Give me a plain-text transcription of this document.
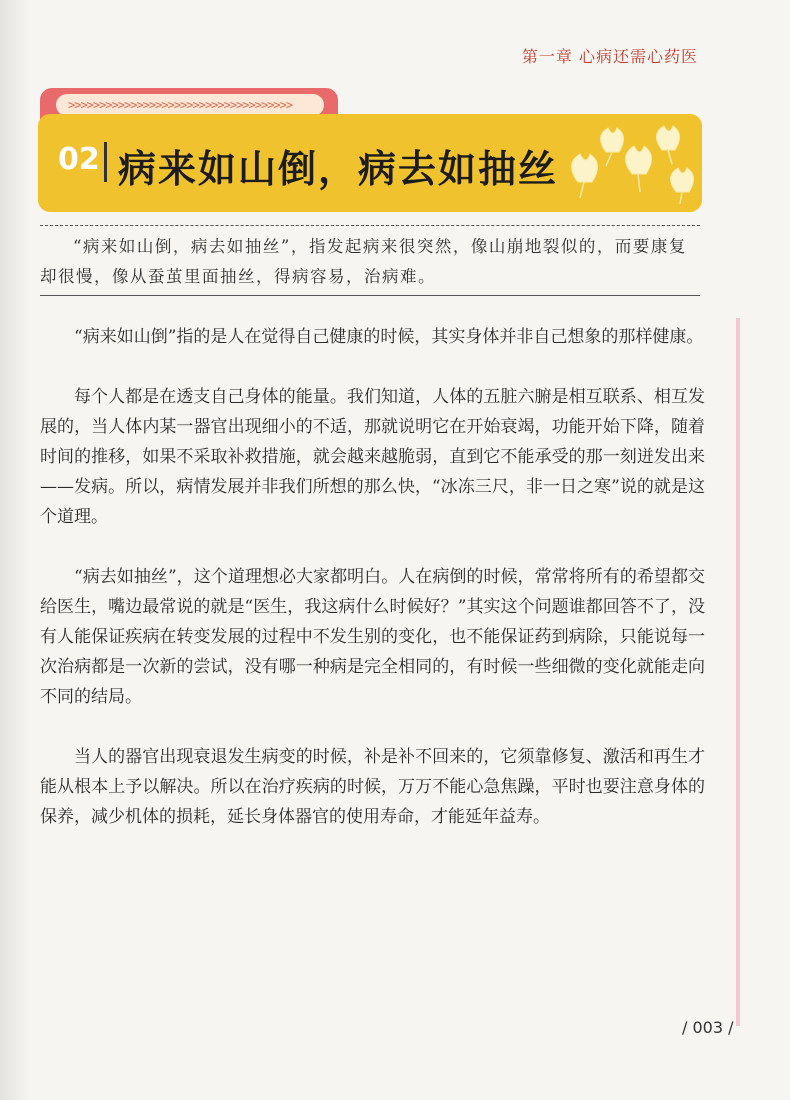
第一章 心病还需心药医
>>>>>>>>>>>>>>>>>>>>>>>>>>>>>>>>>>>>
02 病来如山倒，病去如抽丝
“病来如山倒，病去如抽丝”，指发起病来很突然，像山崩地裂似的，而要康复却很慢，像从蚕茧里面抽丝，得病容易，治病难。

“病来如山倒”指的是人在觉得自己健康的时候，其实身体并非自己想象的那样健康。

每个人都是在透支自己身体的能量。我们知道，人体的五脏六腑是相互联系、相互发展的，当人体内某一器官出现细小的不适，那就说明它在开始衰竭，功能开始下降，随着时间的推移，如果不采取补救措施，就会越来越脆弱，直到它不能承受的那一刻迸发出来——发病。所以，病情发展并非我们所想的那么快，“冰冻三尺，非一日之寒”说的就是这个道理。

“病去如抽丝”，这个道理想必大家都明白。人在病倒的时候，常常将所有的希望都交给医生，嘴边最常说的就是“医生，我这病什么时候好？”其实这个问题谁都回答不了，没有人能保证疾病在转变发展的过程中不发生别的变化，也不能保证药到病除，只能说每一次治病都是一次新的尝试，没有哪一种病是完全相同的，有时候一些细微的变化就能走向不同的结局。

当人的器官出现衰退发生病变的时候，补是补不回来的，它须靠修复、激活和再生才能从根本上予以解决。所以在治疗疾病的时候，万万不能心急焦躁，平时也要注意身体的保养，减少机体的损耗，延长身体器官的使用寿命，才能延年益寿。

/ 003 /
